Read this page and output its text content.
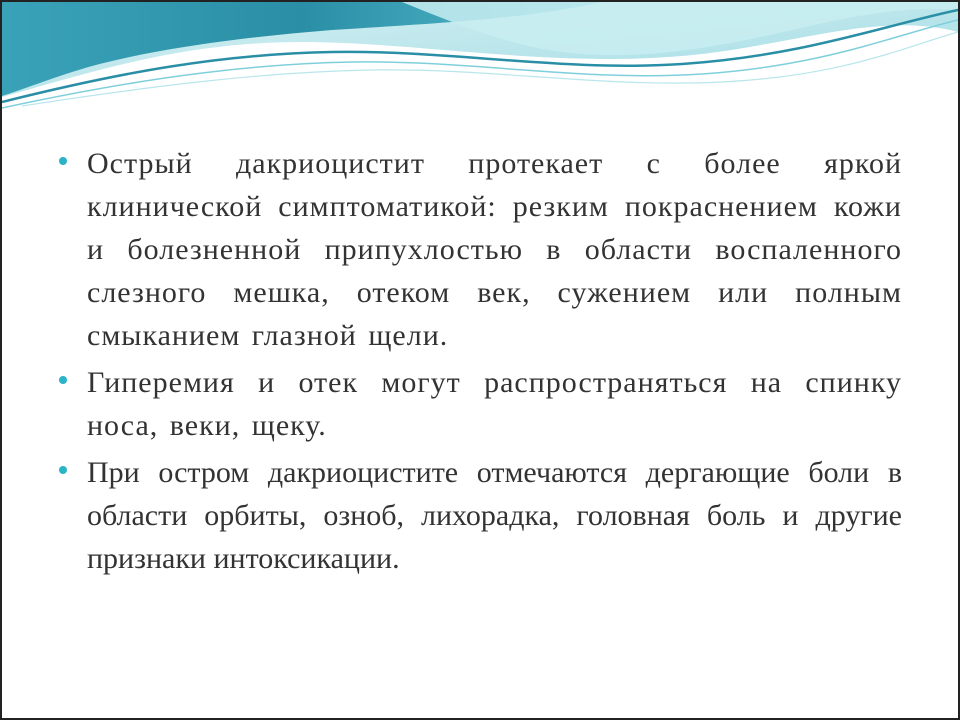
Острый дакриоцистит протекает с более яркой клинической симптоматикой: резким покраснением кожи и болезненной припухлостью в области воспаленного слезного мешка, отеком век, сужением или полным смыканием глазной щели.

Гиперемия и отек могут распространяться на спинку носа, веки, щеку.

При остром дакриоцистите отмечаются дергающие боли в области орбиты, озноб, лихорадка, головная боль и другие признаки интоксикации.
